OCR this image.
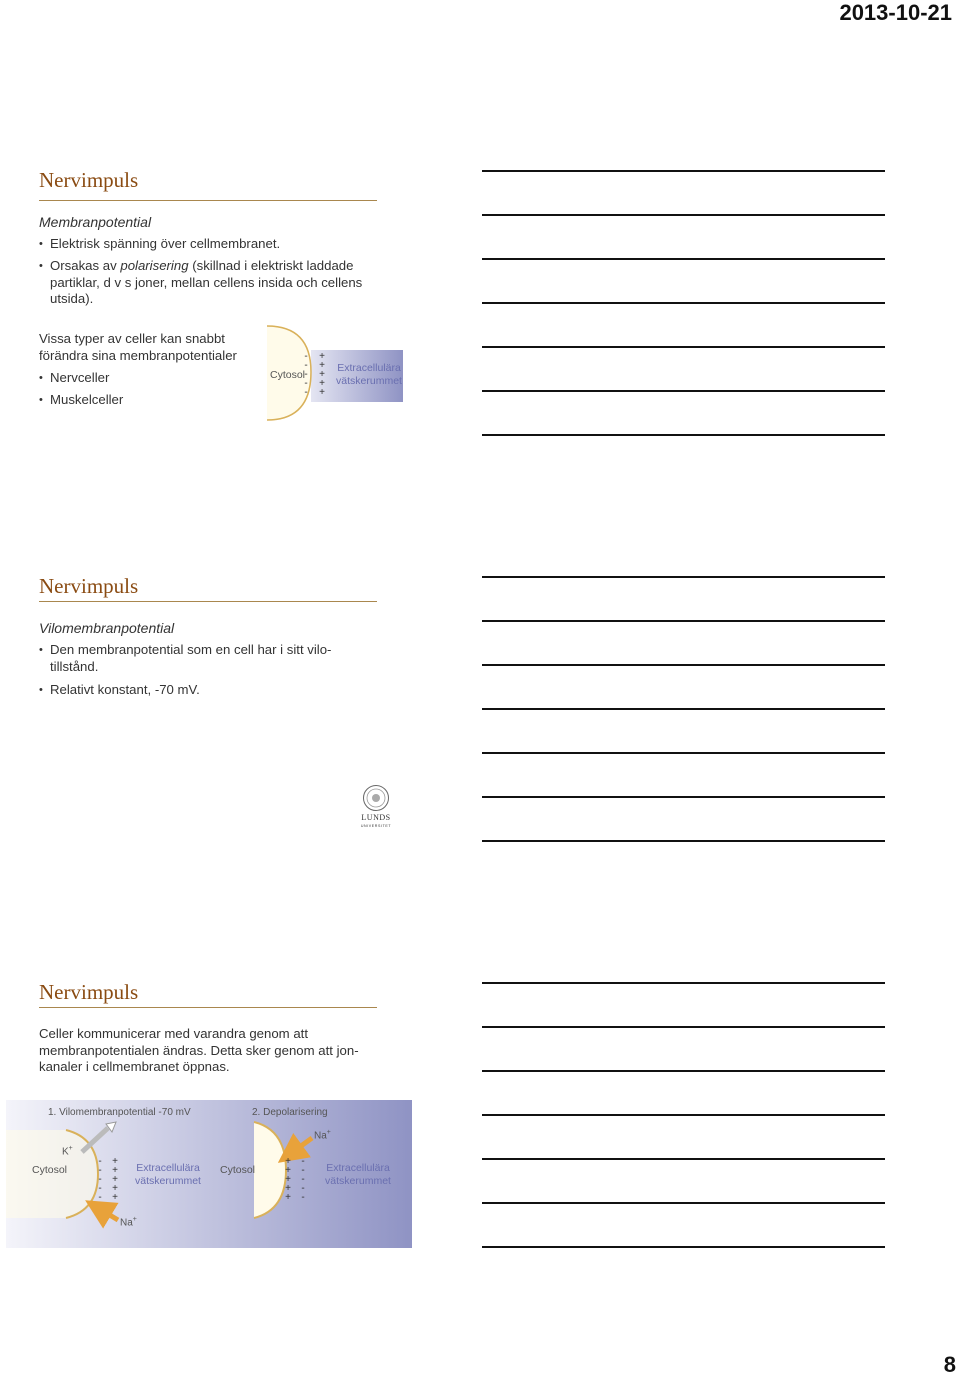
2013-10-21
Nervimpuls
Membranpotential
• Elektrisk spänning över cellmembranet.
• Orsakas av polarisering (skillnad i elektriskt laddade partiklar, d v s joner, mellan cellens insida och cellens utsida).
Vissa typer av celler kan snabbt förändra sina membranpotentialer
• Nervceller
• Muskelceller
Cytosol
-
-
-
-
-
+
+
+
+
+
Extracellulära vätskerummet
Nervimpuls
Vilomembranpotential
• Den membranpotential som en cell har i sitt vilo-tillstånd.
• Relativt konstant, -70 mV.
LUNDS
UNIVERSITET
Nervimpuls
Celler kommunicerar med varandra genom att membranpotentialen ändras. Detta sker genom att jon-kanaler i cellmembranet öppnas.
1. Vilomembranpotential -70 mV	2. Depolarisering
K+
Na+
Na+
Cytosol
-
-
-
-
-
+
+
+
+
+
Extracellulära vätskerummet
Cytosol
+
+
+
+
+
-
-
-
-
-
Extracellulära vätskerummet
8
